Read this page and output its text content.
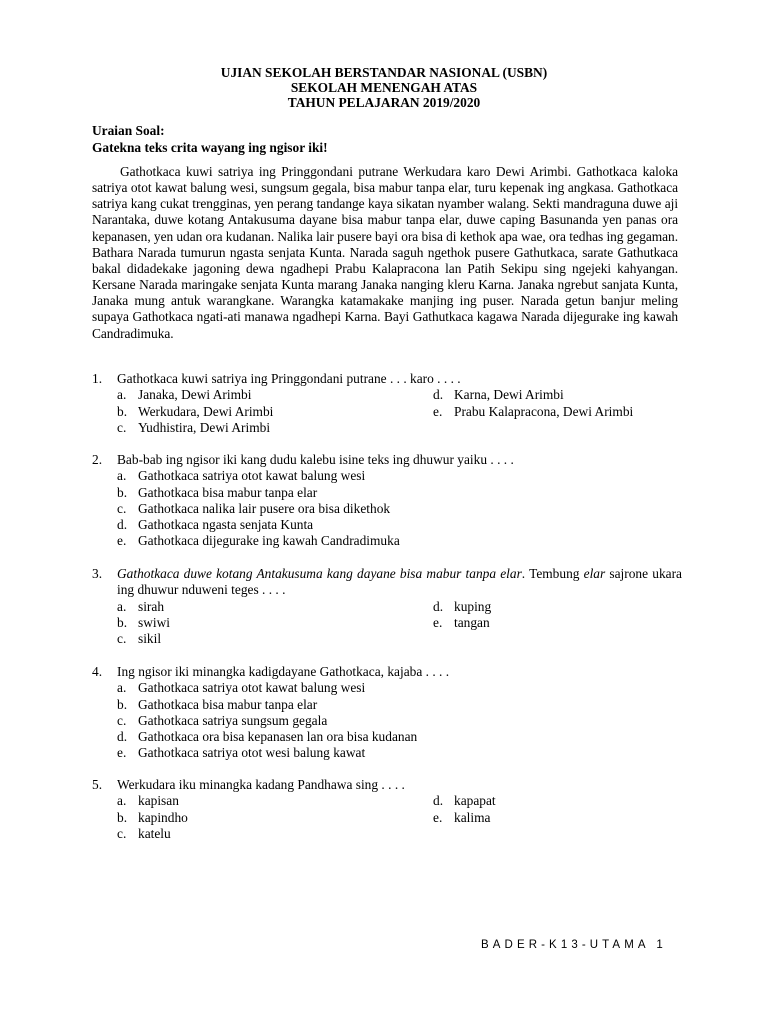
UJIAN SEKOLAH BERSTANDAR NASIONAL (USBN)
SEKOLAH MENENGAH ATAS
TAHUN PELAJARAN 2019/2020
Uraian Soal:
Gatekna teks crita wayang ing ngisor iki!
Gathotkaca kuwi satriya ing Pringgondani putrane Werkudara karo Dewi Arimbi. Gathotkaca kaloka satriya otot kawat balung wesi, sungsum gegala, bisa mabur tanpa elar, turu kepenak ing angkasa. Gathotkaca satriya kang cukat trengginas, yen perang tandange kaya sikatan nyamber walang. Sekti mandraguna duwe aji Narantaka, duwe kotang Antakusuma dayane bisa mabur tanpa elar, duwe caping Basunanda yen panas ora kepanasen, yen udan ora kudanan. Nalika lair pusere bayi ora bisa di kethok apa wae, ora tedhas ing gegaman. Bathara Narada tumurun ngasta senjata Kunta. Narada saguh ngethok pusere Gathutkaca, sarate Gathutkaca bakal didadekake jagoning dewa ngadhepi Prabu Kalapracona lan Patih Sekipu sing ngejeki kahyangan. Kersane Narada maringake senjata Kunta marang Janaka nanging kleru Karna. Janaka ngrebut sanjata Kunta, Janaka mung antuk warangkane. Warangka katamakake manjing ing puser. Narada getun banjur meling supaya Gathotkaca ngati-ati manawa ngadhepi Karna. Bayi Gathutkaca kagawa Narada dijegurake ing kawah Candradimuka.
1. Gathotkaca kuwi satriya ing Pringgondani putrane . . . karo . . . .
a. Janaka, Dewi Arimbi	d. Karna, Dewi Arimbi
b. Werkudara, Dewi Arimbi	e. Prabu Kalapracona, Dewi Arimbi
c. Yudhistira, Dewi Arimbi
2. Bab-bab ing ngisor iki kang dudu kalebu isine teks ing dhuwur yaiku . . . .
a. Gathotkaca satriya otot kawat balung wesi
b. Gathotkaca bisa mabur tanpa elar
c. Gathotkaca nalika lair pusere ora bisa dikethok
d. Gathotkaca ngasta senjata Kunta
e. Gathotkaca dijegurake ing kawah Candradimuka
3. Gathotkaca duwe kotang Antakusuma kang dayane bisa mabur tanpa elar. Tembung elar sajrone ukara ing dhuwur nduweni teges . . . .
a. sirah	d. kuping
b. swiwi	e. tangan
c. sikil
4. Ing ngisor iki minangka kadigdayane Gathotkaca, kajaba . . . .
a. Gathotkaca satriya otot kawat balung wesi
b. Gathotkaca bisa mabur tanpa elar
c. Gathotkaca satriya sungsum gegala
d. Gathotkaca ora bisa kepanasen lan ora bisa kudanan
e. Gathotkaca satriya otot wesi balung kawat
5. Werkudara iku minangka kadang Pandhawa sing . . . .
a. kapisan	d. kapapat
b. kapindho	e. kalima
c. katelu
BADER-K13-UTAMA 1
